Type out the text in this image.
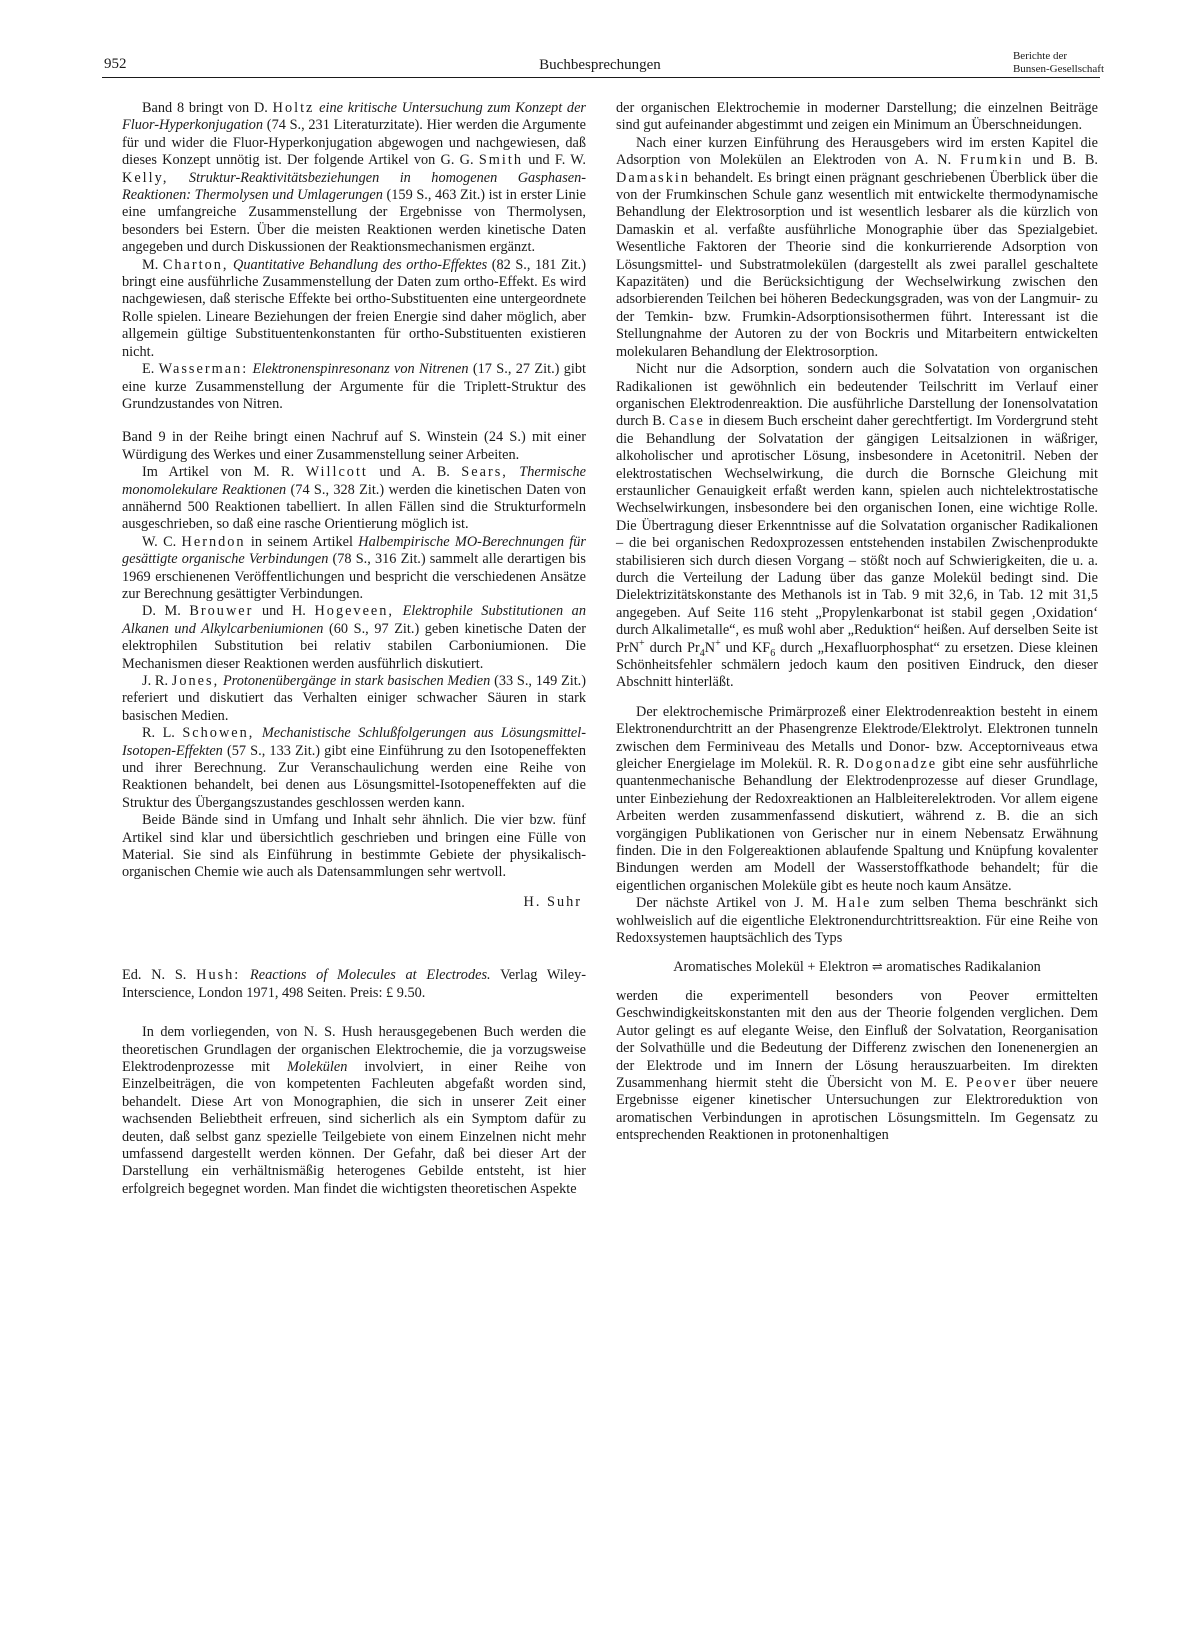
952	Buchbesprechungen
Berichte der
Bunsen-Gesellschaft

Band 8 bringt von D. Holtz eine kritische Untersuchung zum Konzept der Fluor-Hyperkonjugation (74 S., 231 Literaturzitate). Hier werden die Argumente für und wider die Fluor-Hyperkonjugation abgewogen und nachgewiesen, daß dieses Konzept unnötig ist. Der folgende Artikel von G. G. Smith und F. W. Kelly, Struktur-Reaktivitätsbeziehungen in homogenen Gasphasen-Reaktionen: Thermolysen und Umlagerungen (159 S., 463 Zit.) ist in erster Linie eine umfangreiche Zusammenstellung der Ergebnisse von Thermolysen, besonders bei Estern. Über die meisten Reaktionen werden kinetische Daten angegeben und durch Diskussionen der Reaktionsmechanismen ergänzt.

M. Charton, Quantitative Behandlung des ortho-Effektes (82 S., 181 Zit.) bringt eine ausführliche Zusammenstellung der Daten zum ortho-Effekt. Es wird nachgewiesen, daß sterische Effekte bei ortho-Substituenten eine untergeordnete Rolle spielen. Lineare Beziehungen der freien Energie sind daher möglich, aber allgemein gültige Substituentenkonstanten für ortho-Substituenten existieren nicht.

E. Wasserman: Elektronenspinresonanz von Nitrenen (17 S., 27 Zit.) gibt eine kurze Zusammenstellung der Argumente für die Triplett-Struktur des Grundzustandes von Nitren.

Band 9 in der Reihe bringt einen Nachruf auf S. Winstein (24 S.) mit einer Würdigung des Werkes und einer Zusammenstellung seiner Arbeiten.

Im Artikel von M. R. Willcott und A. B. Sears, Thermische monomolekulare Reaktionen (74 S., 328 Zit.) werden die kinetischen Daten von annähernd 500 Reaktionen tabelliert. In allen Fällen sind die Strukturformeln ausgeschrieben, so daß eine rasche Orientierung möglich ist.

W. C. Herndon in seinem Artikel Halbempirische MO-Berechnungen für gesättigte organische Verbindungen (78 S., 316 Zit.) sammelt alle derartigen bis 1969 erschienenen Veröffentlichungen und bespricht die verschiedenen Ansätze zur Berechnung gesättigter Verbindungen.

D. M. Brouwer und H. Hogeveen, Elektrophile Substitutionen an Alkanen und Alkylcarbeniumionen (60 S., 97 Zit.) geben kinetische Daten der elektrophilen Substitution bei relativ stabilen Carboniumionen. Die Mechanismen dieser Reaktionen werden ausführlich diskutiert.

J. R. Jones, Protonenübergänge in stark basischen Medien (33 S., 149 Zit.) referiert und diskutiert das Verhalten einiger schwacher Säuren in stark basischen Medien.

R. L. Schowen, Mechanistische Schlußfolgerungen aus Lösungsmittel-Isotopen-Effekten (57 S., 133 Zit.) gibt eine Einführung zu den Isotopeneffekten und ihrer Berechnung. Zur Veranschaulichung werden eine Reihe von Reaktionen behandelt, bei denen aus Lösungsmittel-Isotopeneffekten auf die Struktur des Übergangszustandes geschlossen werden kann.

Beide Bände sind in Umfang und Inhalt sehr ähnlich. Die vier bzw. fünf Artikel sind klar und übersichtlich geschrieben und bringen eine Fülle von Material. Sie sind als Einführung in bestimmte Gebiete der physikalisch-organischen Chemie wie auch als Datensammlungen sehr wertvoll.

H. Suhr

Ed. N. S. Hush: Reactions of Molecules at Electrodes. Verlag Wiley-Interscience, London 1971, 498 Seiten. Preis: £ 9.50.

In dem vorliegenden, von N. S. Hush herausgegebenen Buch werden die theoretischen Grundlagen der organischen Elektrochemie, die ja vorzugsweise Elektrodenprozesse mit Molekülen involviert, in einer Reihe von Einzelbeiträgen, die von kompetenten Fachleuten abgefaßt worden sind, behandelt. Diese Art von Monographien, die sich in unserer Zeit einer wachsenden Beliebtheit erfreuen, sind sicherlich als ein Symptom dafür zu deuten, daß selbst ganz spezielle Teilgebiete von einem Einzelnen nicht mehr umfassend dargestellt werden können. Der Gefahr, daß bei dieser Art der Darstellung ein verhältnismäßig heterogenes Gebilde entsteht, ist hier erfolgreich begegnet worden. Man findet die wichtigsten theoretischen Aspekte

der organischen Elektrochemie in moderner Darstellung; die einzelnen Beiträge sind gut aufeinander abgestimmt und zeigen ein Minimum an Überschneidungen.

Nach einer kurzen Einführung des Herausgebers wird im ersten Kapitel die Adsorption von Molekülen an Elektroden von A. N. Frumkin und B. B. Damaskin behandelt. Es bringt einen prägnant geschriebenen Überblick über die von der Frumkinschen Schule ganz wesentlich mit entwickelte thermodynamische Behandlung der Elektrosorption und ist wesentlich lesbarer als die kürzlich von Damaskin et al. verfaßte ausführliche Monographie über das Spezialgebiet. Wesentliche Faktoren der Theorie sind die konkurrierende Adsorption von Lösungsmittel- und Substratmolekülen (dargestellt als zwei parallel geschaltete Kapazitäten) und die Berücksichtigung der Wechselwirkung zwischen den adsorbierenden Teilchen bei höheren Bedeckungsgraden, was von der Langmuir- zu der Temkin- bzw. Frumkin-Adsorptionsisothermen führt. Interessant ist die Stellungnahme der Autoren zu der von Bockris und Mitarbeitern entwickelten molekularen Behandlung der Elektrosorption.

Nicht nur die Adsorption, sondern auch die Solvatation von organischen Radikalionen ist gewöhnlich ein bedeutender Teilschritt im Verlauf einer organischen Elektrodenreaktion. Die ausführliche Darstellung der Ionensolvatation durch B. Case in diesem Buch erscheint daher gerechtfertigt. Im Vordergrund steht die Behandlung der Solvatation der gängigen Leitsalzionen in wäßriger, alkoholischer und aprotischer Lösung, insbesondere in Acetonitril. Neben der elektrostatischen Wechselwirkung, die durch die Bornsche Gleichung mit erstaunlicher Genauigkeit erfaßt werden kann, spielen auch nichtelektrostatische Wechselwirkungen, insbesondere bei den organischen Ionen, eine wichtige Rolle. Die Übertragung dieser Erkenntnisse auf die Solvatation organischer Radikalionen – die bei organischen Redoxprozessen entstehenden instabilen Zwischenprodukte stabilisieren sich durch diesen Vorgang – stößt noch auf Schwierigkeiten, die u. a. durch die Verteilung der Ladung über das ganze Molekül bedingt sind. Die Dielektrizitätskonstante des Methanols ist in Tab. 9 mit 32,6, in Tab. 12 mit 31,5 angegeben. Auf Seite 116 steht „Propylenkarbonat ist stabil gegen ‚Oxidation‘ durch Alkalimetalle“, es muß wohl aber „Reduktion“ heißen. Auf derselben Seite ist PrN+ durch $Pr_4N^+$ und $KF_6$ durch „Hexafluorphosphat“ zu ersetzen. Diese kleinen Schönheitsfehler schmälern jedoch kaum den positiven Eindruck, den dieser Abschnitt hinterläßt.

Der elektrochemische Primärprozeß einer Elektrodenreaktion besteht in einem Elektronendurchtritt an der Phasengrenze Elektrode/Elektrolyt. Elektronen tunneln zwischen dem Ferminiveau des Metalls und Donor- bzw. Acceptorniveaus etwa gleicher Energielage im Molekül. R. R. Dogonadze gibt eine sehr ausführliche quantenmechanische Behandlung der Elektrodenprozesse auf dieser Grundlage, unter Einbeziehung der Redoxreaktionen an Halbleiterelektroden. Vor allem eigene Arbeiten werden zusammenfassend diskutiert, während z. B. die an sich vorgängigen Publikationen von Gerischer nur in einem Nebensatz Erwähnung finden. Die in den Folgereaktionen ablaufende Spaltung und Knüpfung kovalenter Bindungen werden am Modell der Wasserstoffkathode behandelt; für die eigentlichen organischen Moleküle gibt es heute noch kaum Ansätze.

Der nächste Artikel von J. M. Hale zum selben Thema beschränkt sich wohlweislich auf die eigentliche Elektronendurchtrittsreaktion. Für eine Reihe von Redoxsystemen hauptsächlich des Typs

Aromatisches Molekül + Elektron ⇌ aromatisches Radikalanion

werden die experimentell besonders von Peover ermittelten Geschwindigkeitskonstanten mit den aus der Theorie folgenden verglichen. Dem Autor gelingt es auf elegante Weise, den Einfluß der Solvatation, Reorganisation der Solvathülle und die Bedeutung der Differenz zwischen den Ionenenergien an der Elektrode und im Innern der Lösung herauszuarbeiten. Im direkten Zusammenhang hiermit steht die Übersicht von M. E. Peover über neuere Ergebnisse eigener kinetischer Untersuchungen zur Elektroreduktion von aromatischen Verbindungen in aprotischen Lösungsmitteln. Im Gegensatz zu entsprechenden Reaktionen in protonenhaltigen
